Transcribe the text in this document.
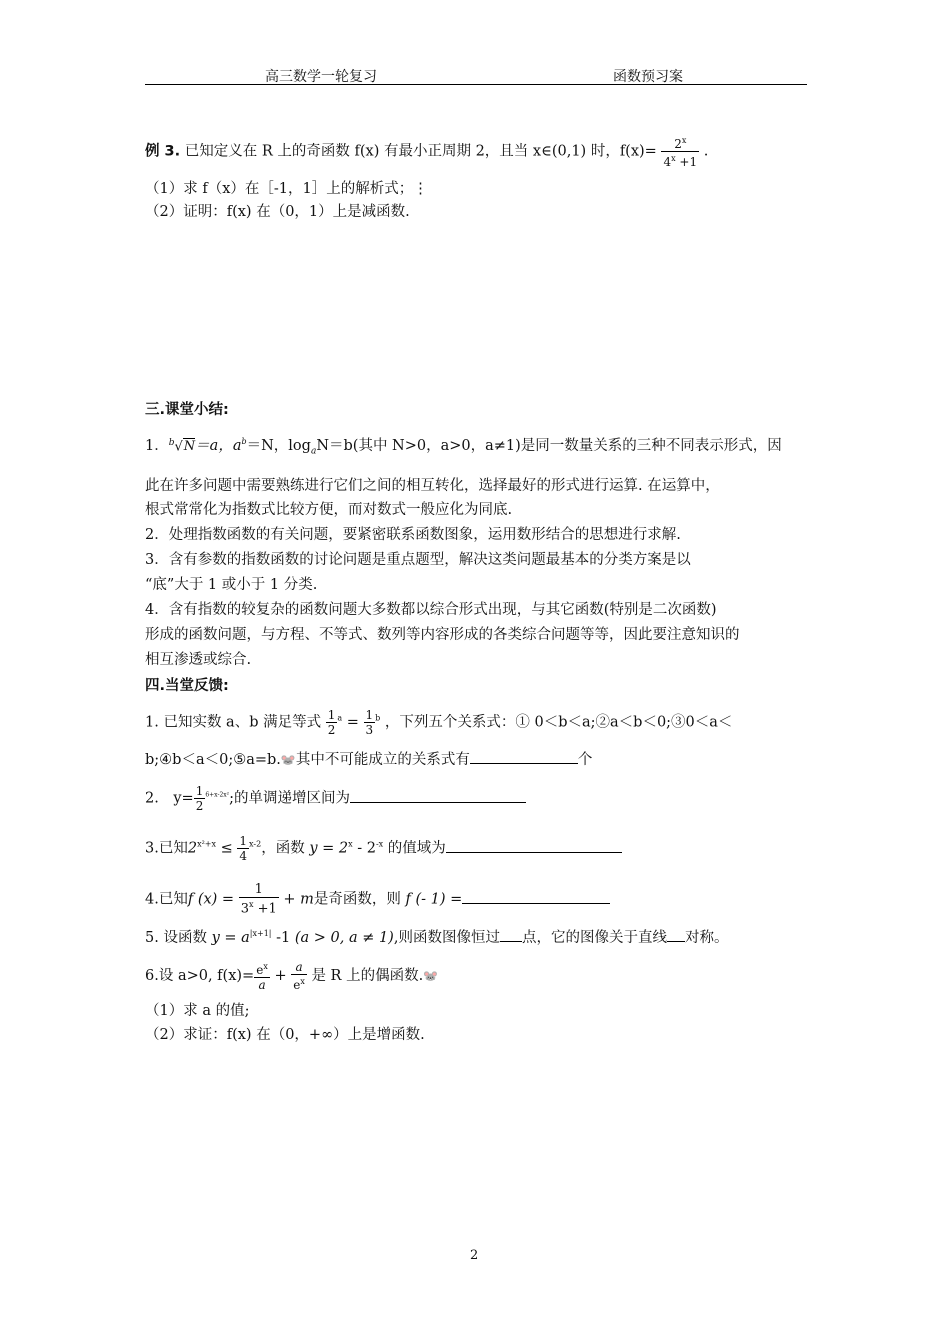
高三数学一轮复习	函数预习案
例 3. 已知定义在 R 上的奇函数 f(x) 有最小正周期 2，且当 x∈(0,1) 时，$f(x)= \frac{2^x}{4^x +1}$ .
（1）求 f（x）在［-1，1］上的解析式；⋮
（2）证明：f(x) 在（0，1）上是减函数.
三.课堂小结:
1．$^b$√N＝a，$a^b=N$，$\log_aN=b$(其中 N>0，a>0，a≠1)是同一数量关系的三种不同表示形式，因
此在许多问题中需要熟练进行它们之间的相互转化，选择最好的形式进行运算. 在运算中，
根式常常化为指数式比较方便，而对数式一般应化为同底.
2．处理指数函数的有关问题，要紧密联系函数图象，运用数形结合的思想进行求解.
3．含有参数的指数函数的讨论问题是重点题型，解决这类问题最基本的分类方案是以
“底”大于 1 或小于 1 分类.
4．含有指数的较复杂的函数问题大多数都以综合形式出现，与其它函数(特别是二次函数)
形成的函数问题，与方程、不等式、数列等内容形成的各类综合问题等等，因此要注意知识的
相互渗透或综合.
四.当堂反馈:
1. 已知实数 a、b 满足等式 $\frac{1}{2} ^a = \frac{1}{3} ^b$ ，下列五个关系式：① 0＜b＜a;②a＜b＜0;③0＜a＜
b;④b＜a＜0;⑤a=b.🐭其中不可能成立的关系式有	个
2.　$y= \frac{1}{2} ^{6+x-2x^2}$;的单调递增区间为
3.已知$2^{x^2+x} \le \frac{1}{4} ^{x-2}$，函数 $y = 2^x - 2^{-x}$ 的值域为
4.已知f $(x) = \frac{1}{3^x +1} + m$是奇函数，则 f (- 1) =
5. 设函数 $y = a^{|x+1|}$ -1 (a > 0, a ≠ 1),则函数图像恒过 点，它的图像关于直线 对称。
6.设 a>0, $f(x)= \frac{e^x}{a} + \frac{a}{e^x}$ 是 R 上的偶函数.🐭
（1）求 a 的值;
（2）求证：f(x) 在（0，+∞）上是增函数.
2
